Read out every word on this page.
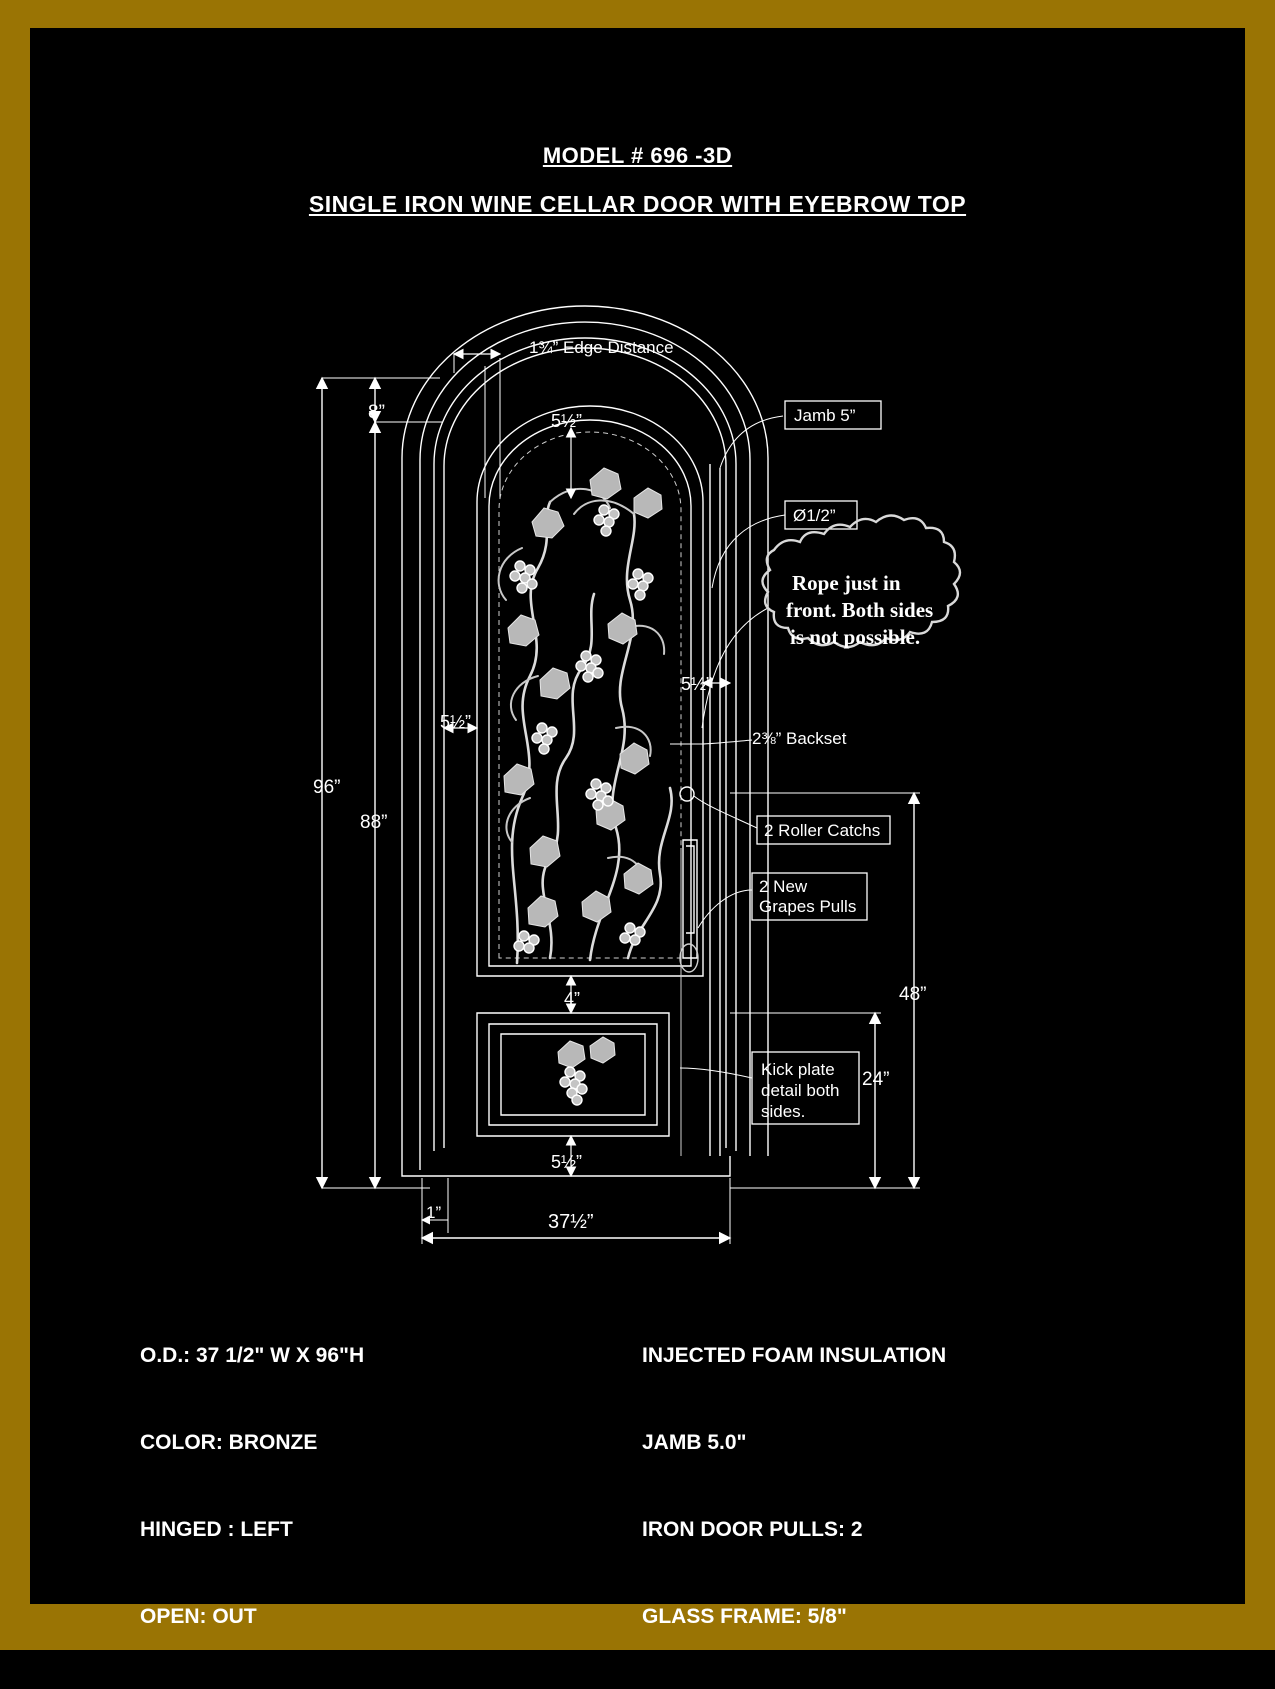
MODEL # 696 -3D
SINGLE IRON WINE CELLAR DOOR WITH EYEBROW TOP
Jamb 5”
Ø1/2”
2 Roller Catchs
2 New
Grapes Pulls
Kick plate
detail both
sides.
Rope just in
front. Both sides
is not possible.
1¾” Edge Distance
8”
96”
88”
5½”
5½”
5½”
4”
5½”
37½”
1”
48”
24”
2⅜” Backset

O.D.: 37 1/2" W X 96"H

COLOR: BRONZE

HINGED : LEFT

OPEN: OUT

INJECTED FOAM INSULATION

JAMB 5.0"

IRON DOOR PULLS: 2

GLASS FRAME: 5/8"
